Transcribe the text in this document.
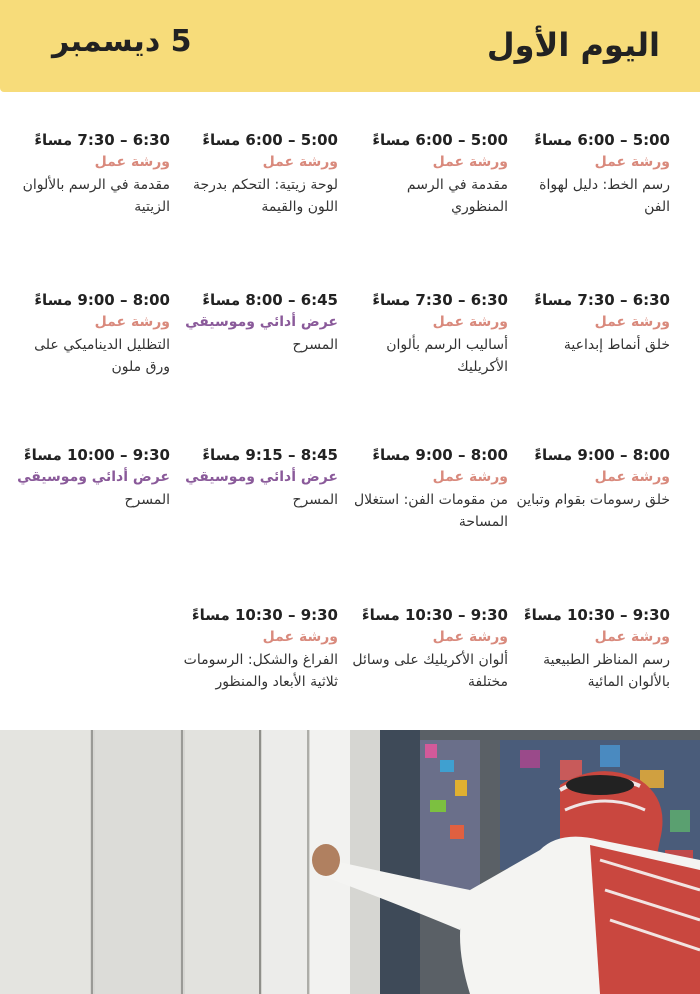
اليوم الأول
5 ديسمبر
5:00 – 6:00 مساءً
ورشة عمل
رسم الخط: دليل لهواة الفن
5:00 – 6:00 مساءً
ورشة عمل
مقدمة في الرسم المنظوري
5:00 – 6:00 مساءً
ورشة عمل
لوحة زيتية: التحكم بدرجة اللون والقيمة
6:30 – 7:30 مساءً
ورشة عمل
مقدمة في الرسم بالألوان الزيتية
6:30 – 7:30 مساءً
ورشة عمل
خلق أنماط إبداعية
6:30 – 7:30 مساءً
ورشة عمل
أساليب الرسم بألوان الأكريليك
6:45 – 8:00 مساءً
عرض أدائي وموسيقي
المسرح
8:00 – 9:00 مساءً
ورشة عمل
التظليل الديناميكي على ورق ملون
8:00 – 9:00 مساءً
ورشة عمل
خلق رسومات بقوام وتباين
8:00 – 9:00 مساءً
ورشة عمل
من مقومات الفن: استغلال المساحة
8:45 – 9:15 مساءً
عرض أدائي وموسيقي
المسرح
9:30 – 10:00 مساءً
عرض أدائي وموسيقي
المسرح
9:30 – 10:30 مساءً
ورشة عمل
رسم المناظر الطبيعية بالألوان المائية
9:30 – 10:30 مساءً
ورشة عمل
ألوان الأكريليك على وسائل مختلفة
9:30 – 10:30 مساءً
ورشة عمل
الفراغ والشكل: الرسومات ثلاثية الأبعاد والمنظور
